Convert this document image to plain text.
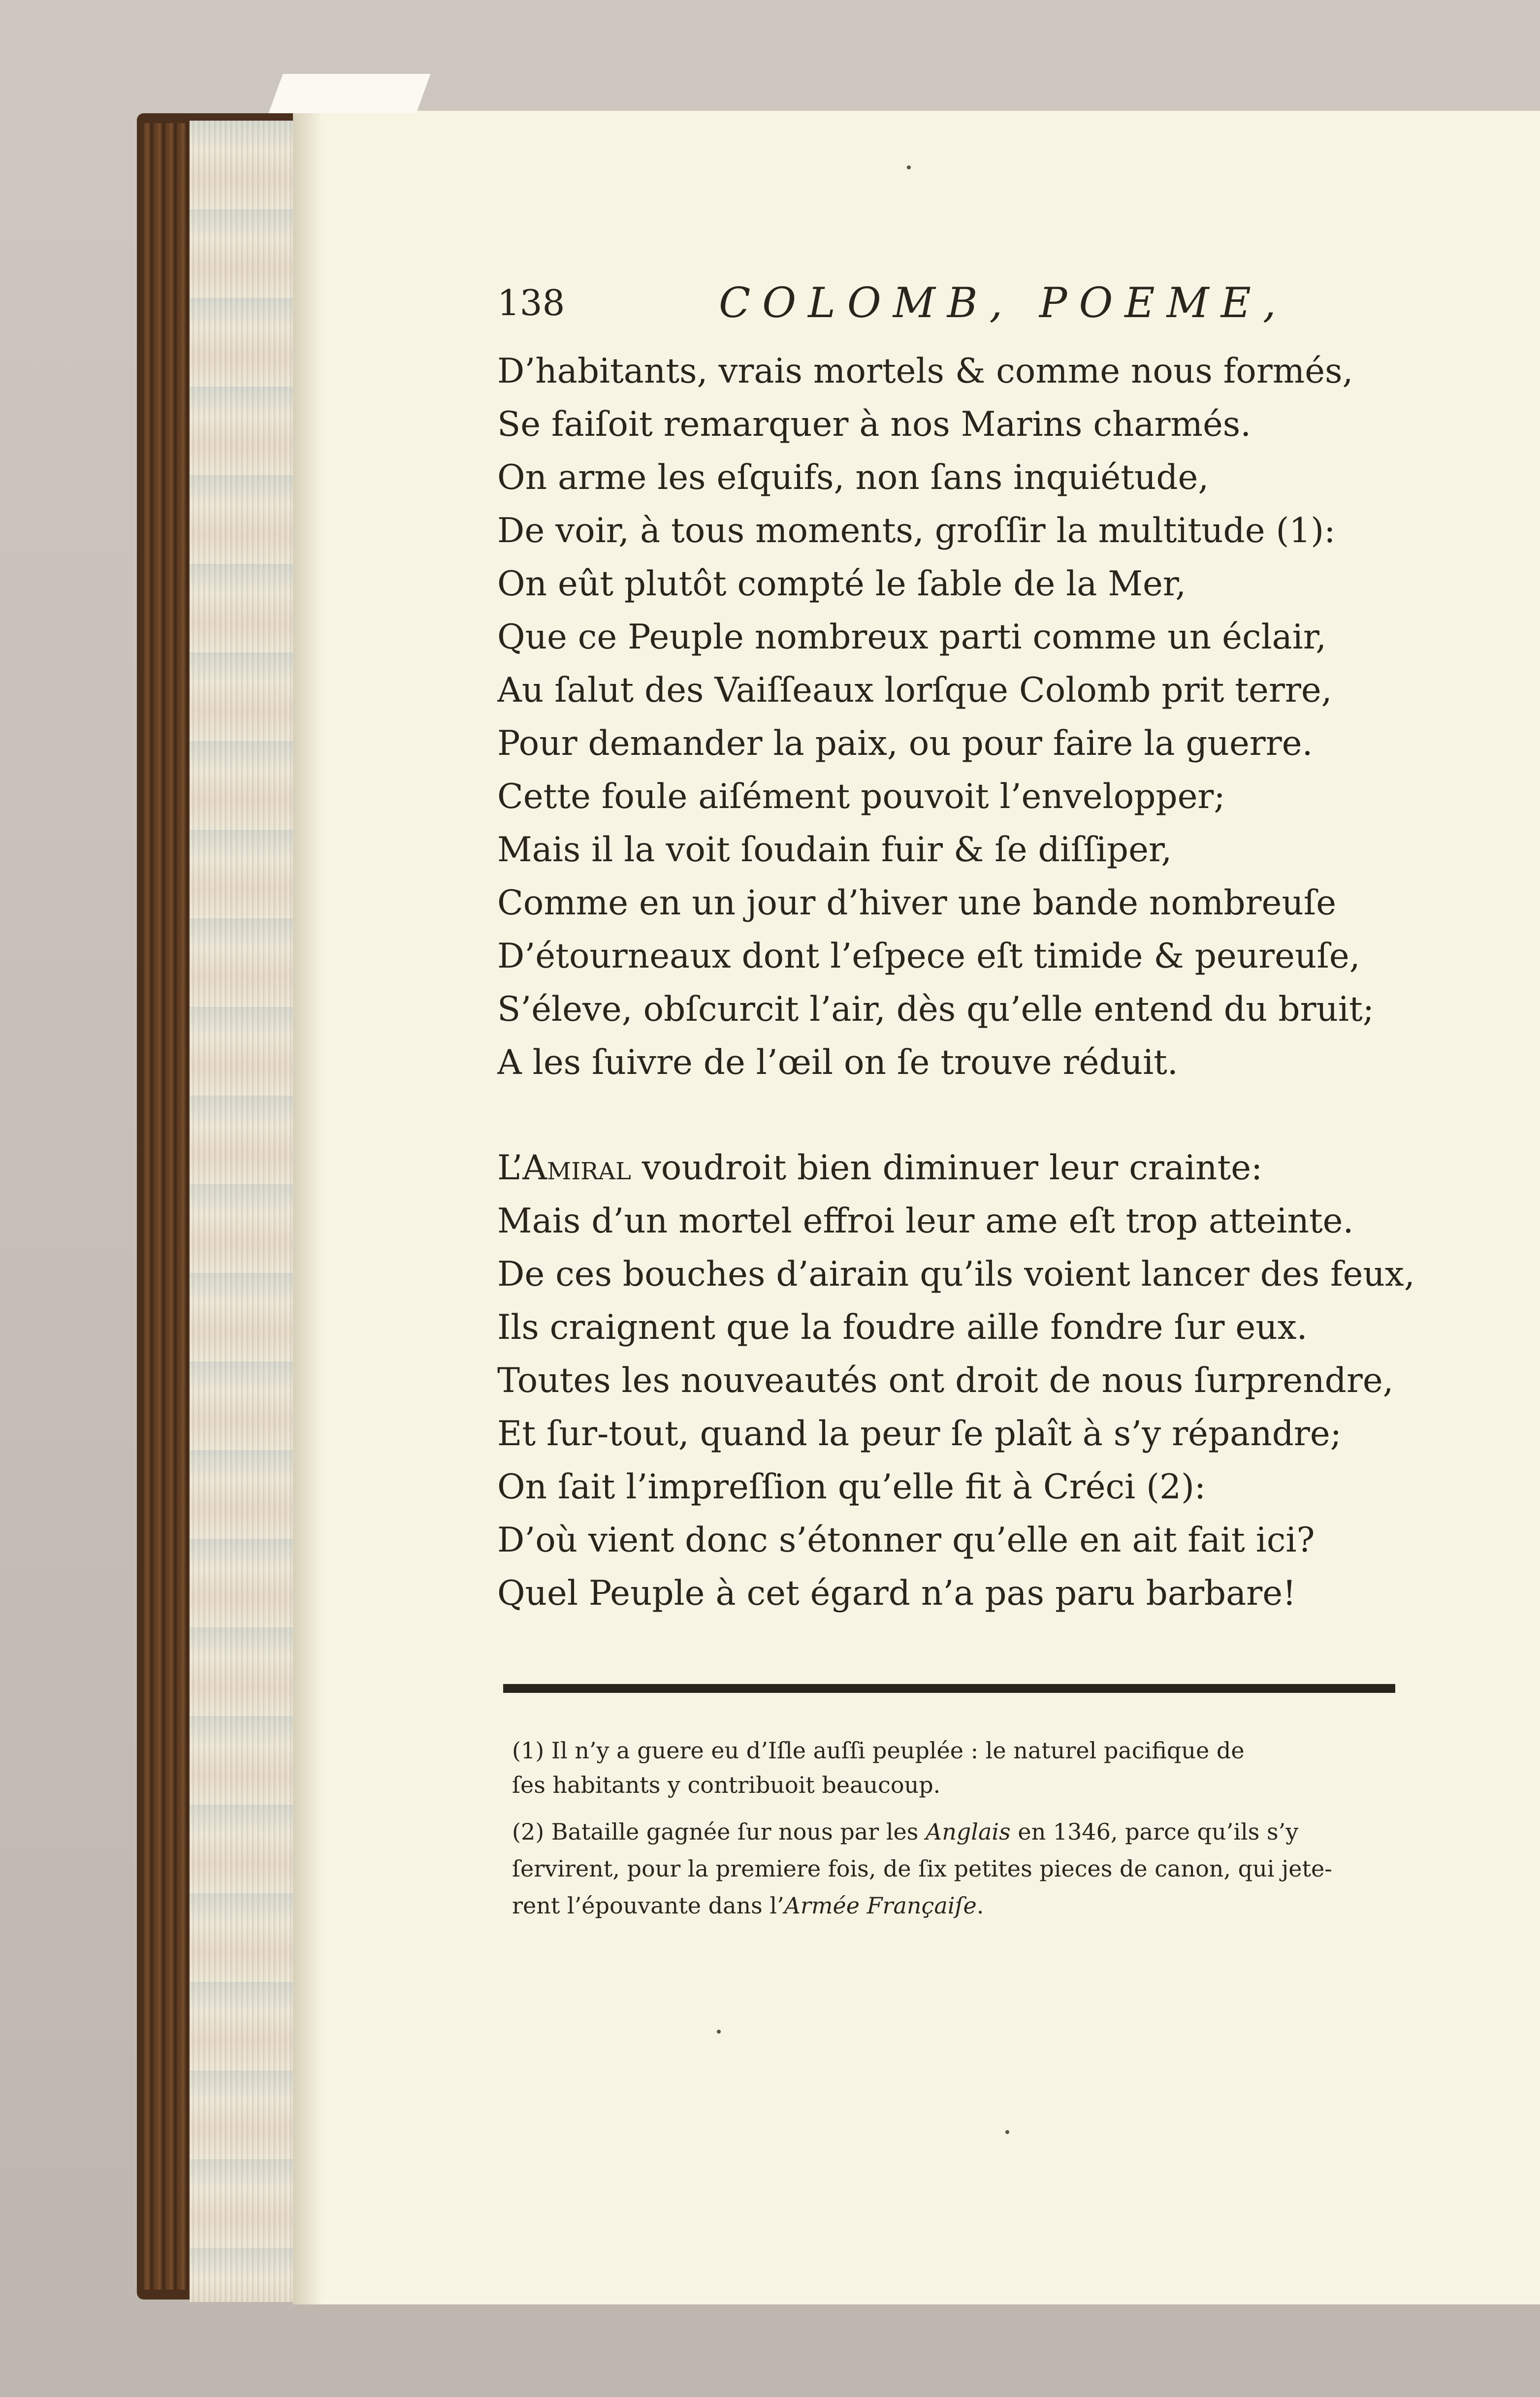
138	COLOMB, POEME,
D’habitants, vrais mortels & comme nous formés,
Se faiſoit remarquer à nos Marins charmés.
On arme les eſquifs, non ſans inquiétude,
De voir, à tous moments, groſſir la multitude (1):
On eût plutôt compté le ſable de la Mer,
Que ce Peuple nombreux parti comme un éclair,
Au ſalut des Vaiſſeaux lorſque Colomb prit terre,
Pour demander la paix, ou pour faire la guerre.
Cette foule aiſément pouvoit l’envelopper;
Mais il la voit ſoudain fuir & ſe diſſiper,
Comme en un jour d’hiver une bande nombreuſe
D’étourneaux dont l’eſpece eſt timide & peureuſe,
S’éleve, obſcurcit l’air, dès qu’elle entend du bruit;
A les ſuivre de l’œil on ſe trouve réduit.
L’Amiral voudroit bien diminuer leur crainte:
Mais d’un mortel effroi leur ame eſt trop atteinte.
De ces bouches d’airain qu’ils voient lancer des feux,
Ils craignent que la foudre aille fondre ſur eux.
Toutes les nouveautés ont droit de nous ſurprendre,
Et ſur-tout, quand la peur ſe plaît à s’y répandre;
On ſait l’impreſſion qu’elle fit à Créci (2):
D’où vient donc s’étonner qu’elle en ait fait ici?
Quel Peuple à cet égard n’a pas paru barbare!
(1) Il n’y a guere eu d’Iſle auſſi peuplée : le naturel pacifique de
ſes habitants y contribuoit beaucoup.
(2) Bataille gagnée ſur nous par les Anglais en 1346, parce qu’ils s’y
ſervirent, pour la premiere fois, de ſix petites pieces de canon, qui jete-
rent l’épouvante dans l’Armée Françaiſe.
